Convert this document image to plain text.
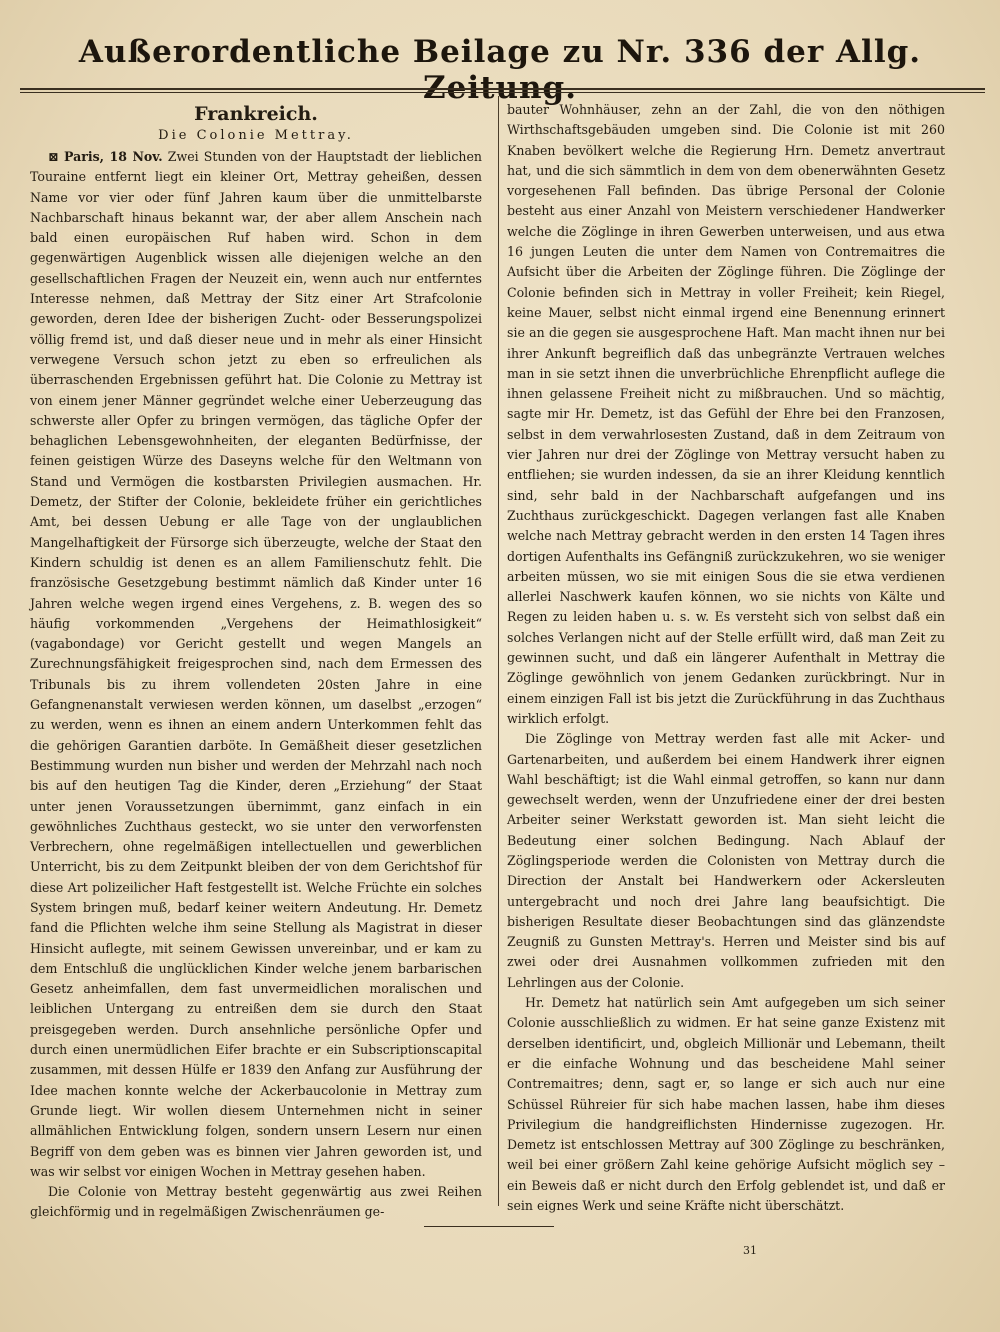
Außerordentliche Beilage zu Nr. 336 der Allg. Zeitung.
Frankreich.
Die Colonie Mettray.

⊠ Paris, 18 Nov. Zwei Stunden von der Hauptstadt der lieblichen Touraine entfernt liegt ein kleiner Ort, Mettray geheißen, dessen Name vor vier oder fünf Jahren kaum über die unmittelbarste Nachbarschaft hinaus bekannt war, der aber allem Anschein nach bald einen europäischen Ruf haben wird. Schon in dem gegenwärtigen Augenblick wissen alle diejenigen welche an den gesellschaftlichen Fragen der Neuzeit ein, wenn auch nur entferntes Interesse nehmen, daß Mettray der Sitz einer Art Strafcolonie geworden, deren Idee der bisherigen Zucht- oder Besserungspolizei völlig fremd ist, und daß dieser neue und in mehr als einer Hinsicht verwegene Versuch schon jetzt zu eben so erfreulichen als überraschenden Ergebnissen geführt hat. Die Colonie zu Mettray ist von einem jener Männer gegründet welche einer Ueberzeugung das schwerste aller Opfer zu bringen vermögen, das tägliche Opfer der behaglichen Lebensgewohnheiten, der eleganten Bedürfnisse, der feinen geistigen Würze des Daseyns welche für den Weltmann von Stand und Vermögen die kostbarsten Privilegien ausmachen. Hr. Demetz, der Stifter der Colonie, bekleidete früher ein gerichtliches Amt, bei dessen Uebung er alle Tage von der unglaublichen Mangelhaftigkeit der Fürsorge sich überzeugte, welche der Staat den Kindern schuldig ist denen es an allem Familienschutz fehlt. Die französische Gesetzgebung bestimmt nämlich daß Kinder unter 16 Jahren welche wegen irgend eines Vergehens, z. B. wegen des so häufig vorkommenden „Vergehens der Heimathlosigkeit“ (vagabondage) vor Gericht gestellt und wegen Mangels an Zurechnungsfähigkeit freigesprochen sind, nach dem Ermessen des Tribunals bis zu ihrem vollendeten 20sten Jahre in eine Gefangnenanstalt verwiesen werden können, um daselbst „erzogen“ zu werden, wenn es ihnen an einem andern Unterkommen fehlt das die gehörigen Garantien darböte. In Gemäßheit dieser gesetzlichen Bestimmung wurden nun bisher und werden der Mehrzahl nach noch bis auf den heutigen Tag die Kinder, deren „Erziehung“ der Staat unter jenen Voraussetzungen übernimmt, ganz einfach in ein gewöhnliches Zuchthaus gesteckt, wo sie unter den verworfensten Verbrechern, ohne regelmäßigen intellectuellen und gewerblichen Unterricht, bis zu dem Zeitpunkt bleiben der von dem Gerichtshof für diese Art polizeilicher Haft festgestellt ist. Welche Früchte ein solches System bringen muß, bedarf keiner weitern Andeutung. Hr. Demetz fand die Pflichten welche ihm seine Stellung als Magistrat in dieser Hinsicht auflegte, mit seinem Gewissen unvereinbar, und er kam zu dem Entschluß die unglücklichen Kinder welche jenem barbarischen Gesetz anheimfallen, dem fast unvermeidlichen moralischen und leiblichen Untergang zu entreißen dem sie durch den Staat preisgegeben werden. Durch ansehnliche persönliche Opfer und durch einen unermüdlichen Eifer brachte er ein Subscriptionscapital zusammen, mit dessen Hülfe er 1839 den Anfang zur Ausführung der Idee machen konnte welche der Ackerbaucolonie in Mettray zum Grunde liegt. Wir wollen diesem Unternehmen nicht in seiner allmählichen Entwicklung folgen, sondern unsern Lesern nur einen Begriff von dem geben was es binnen vier Jahren geworden ist, und was wir selbst vor einigen Wochen in Mettray gesehen haben.

Die Colonie von Mettray besteht gegenwärtig aus zwei Reihen gleichförmig und in regelmäßigen Zwischenräumen ge-

bauter Wohnhäuser, zehn an der Zahl, die von den nöthigen Wirthschaftsgebäuden umgeben sind. Die Colonie ist mit 260 Knaben bevölkert welche die Regierung Hrn. Demetz anvertraut hat, und die sich sämmtlich in dem von dem obenerwähnten Gesetz vorgesehenen Fall befinden. Das übrige Personal der Colonie besteht aus einer Anzahl von Meistern verschiedener Handwerker welche die Zöglinge in ihren Gewerben unterweisen, und aus etwa 16 jungen Leuten die unter dem Namen von Contremaitres die Aufsicht über die Arbeiten der Zöglinge führen. Die Zöglinge der Colonie befinden sich in Mettray in voller Freiheit; kein Riegel, keine Mauer, selbst nicht einmal irgend eine Benennung erinnert sie an die gegen sie ausgesprochene Haft. Man macht ihnen nur bei ihrer Ankunft begreiflich daß das unbegränzte Vertrauen welches man in sie setzt ihnen die unverbrüchliche Ehrenpflicht auflege die ihnen gelassene Freiheit nicht zu mißbrauchen. Und so mächtig, sagte mir Hr. Demetz, ist das Gefühl der Ehre bei den Franzosen, selbst in dem verwahrlosesten Zustand, daß in dem Zeitraum von vier Jahren nur drei der Zöglinge von Mettray versucht haben zu entfliehen; sie wurden indessen, da sie an ihrer Kleidung kenntlich sind, sehr bald in der Nachbarschaft aufgefangen und ins Zuchthaus zurückgeschickt. Dagegen verlangen fast alle Knaben welche nach Mettray gebracht werden in den ersten 14 Tagen ihres dortigen Aufenthalts ins Gefängniß zurückzukehren, wo sie weniger arbeiten müssen, wo sie mit einigen Sous die sie etwa verdienen allerlei Naschwerk kaufen können, wo sie nichts von Kälte und Regen zu leiden haben u. s. w. Es versteht sich von selbst daß ein solches Verlangen nicht auf der Stelle erfüllt wird, daß man Zeit zu gewinnen sucht, und daß ein längerer Aufenthalt in Mettray die Zöglinge gewöhnlich von jenem Gedanken zurückbringt. Nur in einem einzigen Fall ist bis jetzt die Zurückführung in das Zuchthaus wirklich erfolgt.

Die Zöglinge von Mettray werden fast alle mit Acker- und Gartenarbeiten, und außerdem bei einem Handwerk ihrer eignen Wahl beschäftigt; ist die Wahl einmal getroffen, so kann nur dann gewechselt werden, wenn der Unzufriedene einer der drei besten Arbeiter seiner Werkstatt geworden ist. Man sieht leicht die Bedeutung einer solchen Bedingung. Nach Ablauf der Zöglingsperiode werden die Colonisten von Mettray durch die Direction der Anstalt bei Handwerkern oder Ackersleuten untergebracht und noch drei Jahre lang beaufsichtigt. Die bisherigen Resultate dieser Beobachtungen sind das glänzendste Zeugniß zu Gunsten Mettray's. Herren und Meister sind bis auf zwei oder drei Ausnahmen vollkommen zufrieden mit den Lehrlingen aus der Colonie.

Hr. Demetz hat natürlich sein Amt aufgegeben um sich seiner Colonie ausschließlich zu widmen. Er hat seine ganze Existenz mit derselben identificirt, und, obgleich Millionär und Lebemann, theilt er die einfache Wohnung und das bescheidene Mahl seiner Contremaitres; denn, sagt er, so lange er sich auch nur eine Schüssel Rühreier für sich habe machen lassen, habe ihm dieses Privilegium die handgreiflichsten Hindernisse zugezogen. Hr. Demetz ist entschlossen Mettray auf 300 Zöglinge zu beschränken, weil bei einer größern Zahl keine gehörige Aufsicht möglich sey – ein Beweis daß er nicht durch den Erfolg geblendet ist, und daß er sein eignes Werk und seine Kräfte nicht überschätzt.

31
